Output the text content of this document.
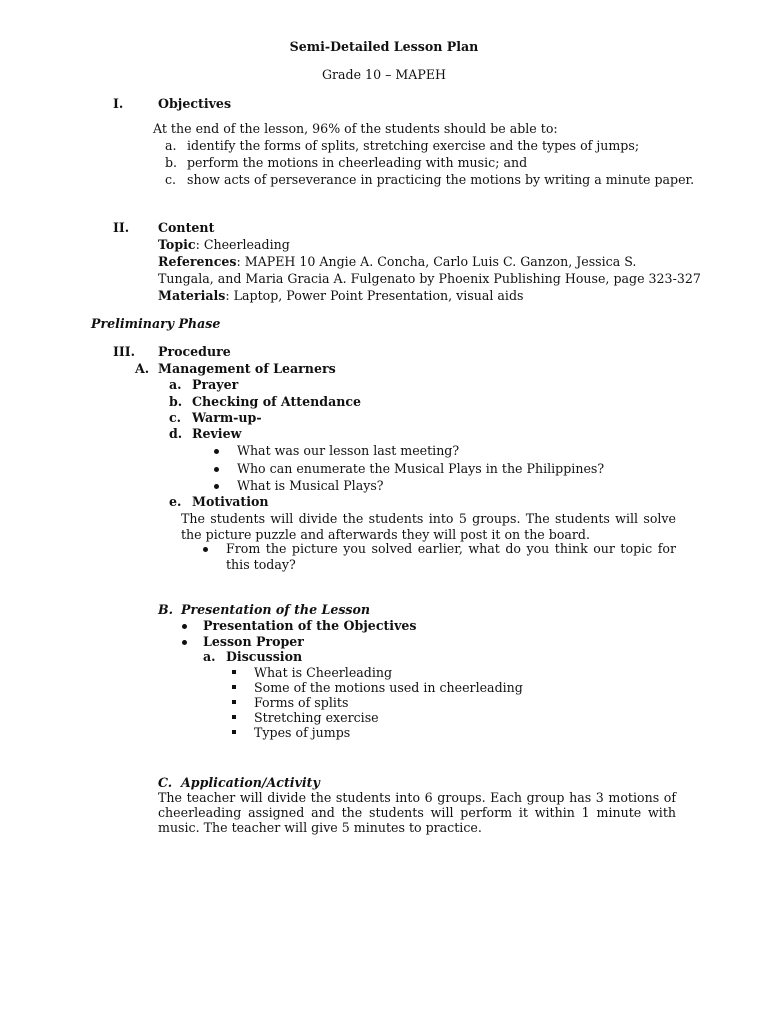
Semi-Detailed Lesson Plan
Grade 10 – MAPEH
I.	Objectives
At the end of the lesson, 96% of the students should be able to:
a. identify the forms of splits, stretching exercise and the types of jumps;
b. perform the motions in cheerleading with music; and
c. show acts of perseverance in practicing the motions by writing a minute paper.
II. Content
Topic: Cheerleading
References: MAPEH 10 Angie A. Concha, Carlo Luis C. Ganzon, Jessica S.
Tungala, and Maria Gracia A. Fulgenato by Phoenix Publishing House, page 323-327
Materials: Laptop, Power Point Presentation, visual aids
Preliminary Phase
III. Procedure
A. Management of Learners
a. Prayer
b. Checking of Attendance
c. Warm-up-
d. Review
What was our lesson last meeting?
Who can enumerate the Musical Plays in the Philippines?
What is Musical Plays?
e. Motivation
The students will divide the students into 5 groups. The students will solve the picture puzzle and afterwards they will post it on the board.
From the picture you solved earlier, what do you think our topic for this today?
B. Presentation of the Lesson
Presentation of the Objectives
Lesson Proper
a. Discussion
What is Cheerleading
Some of the motions used in cheerleading
Forms of splits
Stretching exercise
Types of jumps
C. Application/Activity
The teacher will divide the students into 6 groups. Each group has 3 motions of cheerleading assigned and the students will perform it within 1 minute with music. The teacher will give 5 minutes to practice.
